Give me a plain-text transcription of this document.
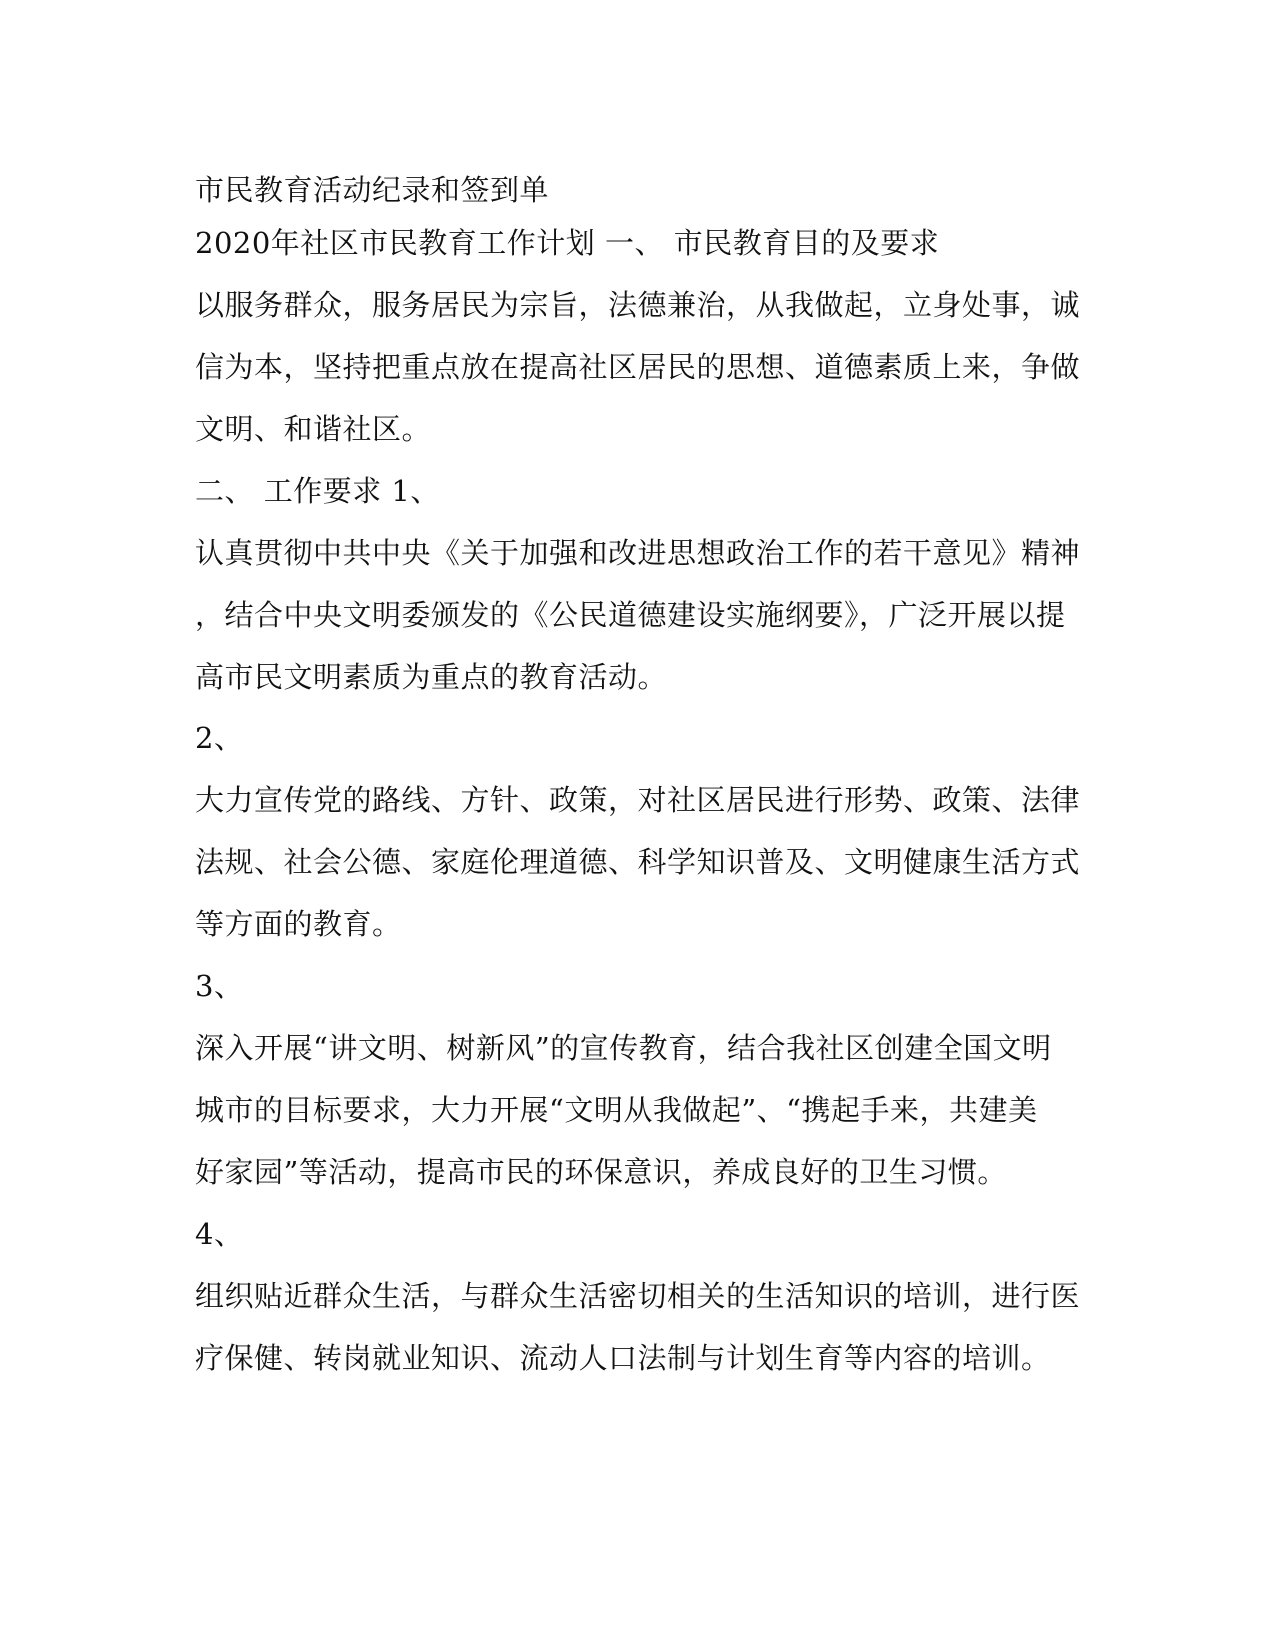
市民教育活动纪录和签到单
2020年社区市民教育工作计划 一、 市民教育目的及要求
以服务群众，服务居民为宗旨，法德兼治，从我做起，立身处事，诚
信为本，坚持把重点放在提高社区居民的思想、道德素质上来，争做
文明、和谐社区。
二、 工作要求 1、
认真贯彻中共中央《关于加强和改进思想政治工作的若干意见》精神
，结合中央文明委颁发的《公民道德建设实施纲要》，广泛开展以提
高市民文明素质为重点的教育活动。
2、
大力宣传党的路线、方针、政策，对社区居民进行形势、政策、法律
法规、社会公德、家庭伦理道德、科学知识普及、文明健康生活方式
等方面的教育。
3、
深入开展“讲文明、树新风”的宣传教育，结合我社区创建全国文明
城市的目标要求，大力开展“文明从我做起”、“携起手来，共建美
好家园”等活动，提高市民的环保意识，养成良好的卫生习惯。
4、
组织贴近群众生活，与群众生活密切相关的生活知识的培训，进行医
疗保健、转岗就业知识、流动人口法制与计划生育等内容的培训。
